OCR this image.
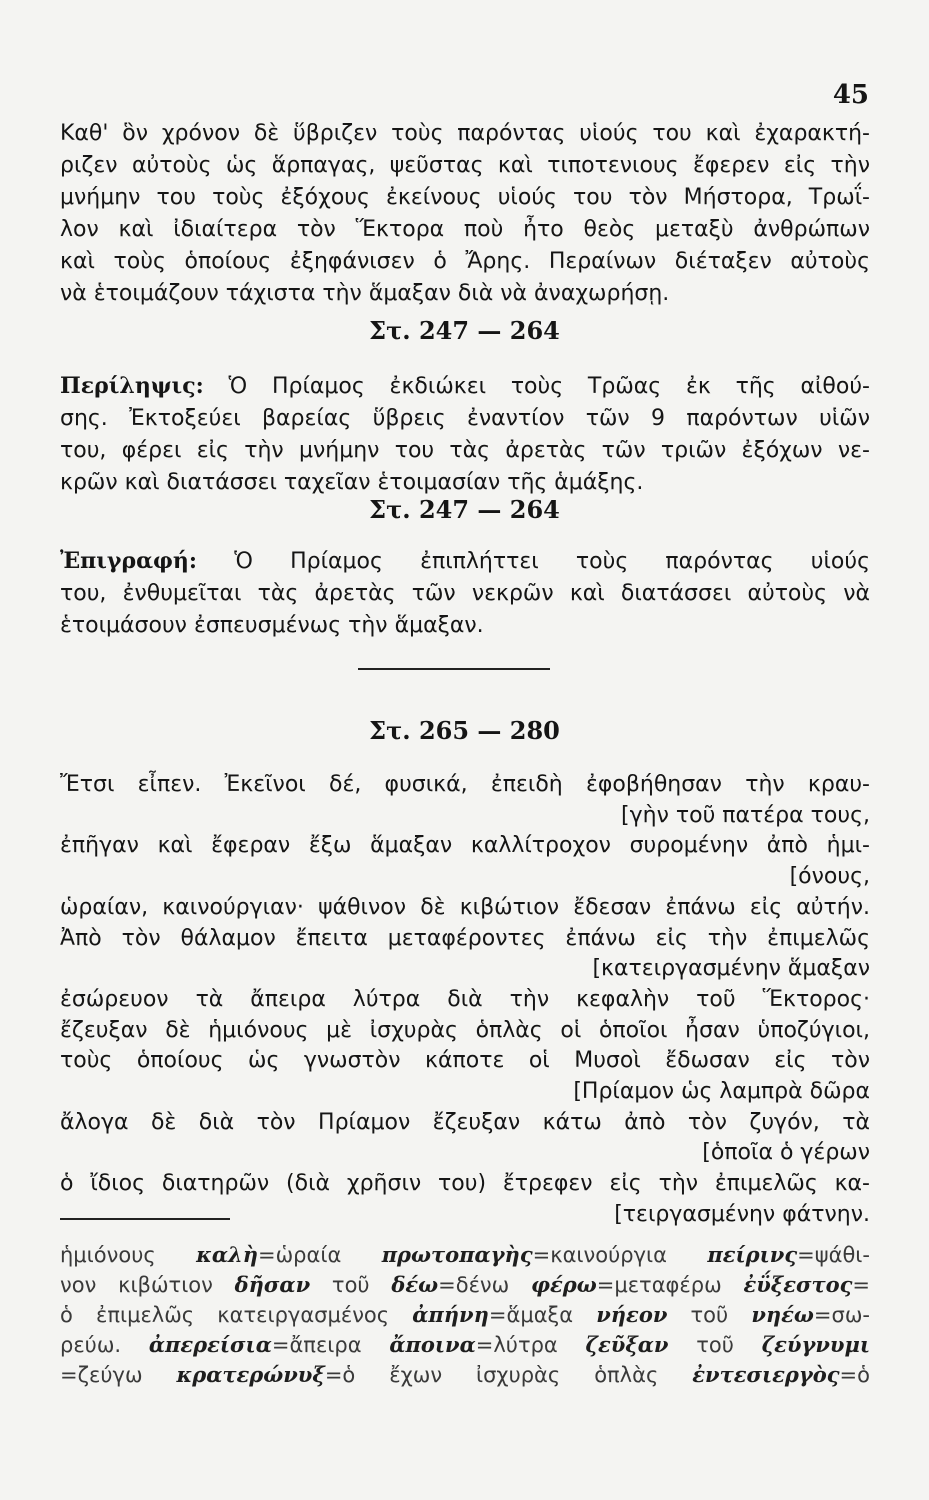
45
Καθ' ὃν χρόνον δὲ ὕβριζεν τοὺς παρόντας υἱούς του καὶ ἐχαρακτή-
ριζεν αὐτοὺς ὡς ἅρπαγας, ψεῦστας καὶ τιποτενιους ἔφερεν εἰς τὴν
μνήμην του τοὺς ἐξόχους ἐκείνους υἱούς του τὸν Μήστορα, Τρωΐ-
λον καὶ ἰδιαίτερα τὸν Ἕκτορα ποὺ ἦτο θεὸς μεταξὺ ἀνθρώπων
καὶ τοὺς ὁποίους ἐξηφάνισεν ὁ Ἄρης. Περαίνων διέταξεν αὐτοὺς
νὰ ἑτοιμάζουν τάχιστα τὴν ἅμαξαν διὰ νὰ ἀναχωρήσῃ.
Στ. 247 — 264
Περίληψις: Ὁ Πρίαμος ἐκδιώκει τοὺς Τρῶας ἐκ τῆς αἰθού-
σης. Ἐκτοξεύει βαρείας ὕβρεις ἐναντίον τῶν 9 παρόντων υἱῶν
του, φέρει εἰς τὴν μνήμην του τὰς ἀρετὰς τῶν τριῶν ἐξόχων νε-
κρῶν καὶ διατάσσει ταχεῖαν ἑτοιμασίαν τῆς ἁμάξης.
Στ. 247 — 264
Ἐπιγραφή: Ὁ Πρίαμος ἐπιπλήττει τοὺς παρόντας υἱούς
του, ἐνθυμεῖται τὰς ἀρετὰς τῶν νεκρῶν καὶ διατάσσει αὐτοὺς νὰ
ἑτοιμάσουν ἐσπευσμένως τὴν ἅμαξαν.
Στ. 265 — 280
Ἔτσι εἶπεν. Ἐκεῖνοι δέ, φυσικά, ἐπειδὴ ἐφοβήθησαν τὴν κραυ-
[γὴν τοῦ πατέρα τους,
ἐπῆγαν καὶ ἔφεραν ἔξω ἅμαξαν καλλίτροχον συρομένην ἀπὸ ἡμι-
[όνους,
ὡραίαν, καινούργιαν· ψάθινον δὲ κιβώτιον ἔδεσαν ἐπάνω εἰς αὐτήν.
Ἀπὸ τὸν θάλαμον ἔπειτα μεταφέροντες ἐπάνω εἰς τὴν ἐπιμελῶς
[κατειργασμένην ἅμαξαν
ἐσώρευον τὰ ἄπειρα λύτρα διὰ τὴν κεφαλὴν τοῦ Ἕκτορος·
ἔζευξαν δὲ ἡμιόνους μὲ ἰσχυρὰς ὁπλὰς οἱ ὁποῖοι ἦσαν ὑποζύγιοι,
τοὺς ὁποίους ὡς γνωστὸν κάποτε οἱ Μυσοὶ ἔδωσαν εἰς τὸν
[Πρίαμον ὡς λαμπρὰ δῶρα
ἄλογα δὲ διὰ τὸν Πρίαμον ἔζευξαν κάτω ἀπὸ τὸν ζυγόν, τὰ
[ὁποῖα ὁ γέρων
ὁ ἴδιος διατηρῶν (διὰ χρῆσιν του) ἔτρεφεν εἰς τὴν ἐπιμελῶς κα-
[τειργασμένην φάτνην.
ἡμιόνους καλὴ=ὡραία πρωτοπαγὴς=καινούργια πείρινς=ψάθι-
νον κιβώτιον δῆσαν τοῦ δέω=δένω φέρω=μεταφέρω ἐΰξεστος=
ὁ ἐπιμελῶς κατειργασμένος ἀπήνη=ἅμαξα νήεον τοῦ νηέω=σω-
ρεύω. ἀπερείσια=ἄπειρα ἄποινα=λύτρα ζεῦξαν τοῦ ζεύγνυμι
=ζεύγω κρατερώνυξ=ὁ ἔχων ἰσχυρὰς ὁπλὰς ἐντεσιεργὸς=ὁ
